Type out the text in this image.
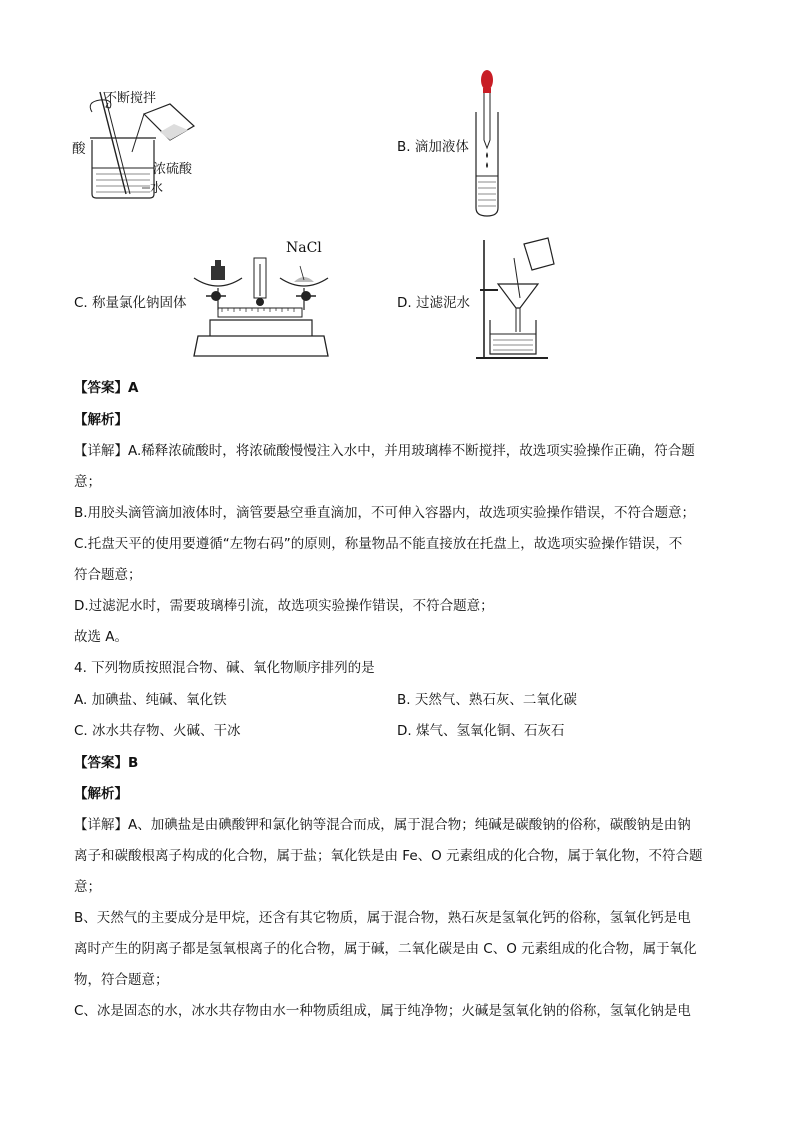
不断搅拌
酸
浓硫酸
水
B. 滴加液体
C. 称量氯化钠固体
NaCl
D. 过滤泥水
【答案】A
【解析】
【详解】A.稀释浓硫酸时，将浓硫酸慢慢注入水中，并用玻璃棒不断搅拌，故选项实验操作正确，符合题
意；
B.用胶头滴管滴加液体时，滴管要悬空垂直滴加，不可伸入容器内，故选项实验操作错误，不符合题意；
C.托盘天平的使用要遵循“左物右码”的原则，称量物品不能直接放在托盘上，故选项实验操作错误，不
符合题意；
D.过滤泥水时，需要玻璃棒引流，故选项实验操作错误，不符合题意；
故选 A。
4. 下列物质按照混合物、碱、氧化物顺序排列的是
A. 加碘盐、纯碱、氧化铁	B. 天然气、熟石灰、二氧化碳
C. 冰水共存物、火碱、干冰	D. 煤气、氢氧化铜、石灰石
【答案】B
【解析】
【详解】A、加碘盐是由碘酸钾和氯化钠等混合而成，属于混合物；纯碱是碳酸钠的俗称，碳酸钠是由钠
离子和碳酸根离子构成的化合物，属于盐；氧化铁是由 Fe、O 元素组成的化合物，属于氧化物，不符合题
意；
B、天然气的主要成分是甲烷，还含有其它物质，属于混合物，熟石灰是氢氧化钙的俗称，氢氧化钙是电
离时产生的阴离子都是氢氧根离子的化合物，属于碱，二氧化碳是由 C、O 元素组成的化合物，属于氧化
物，符合题意；
C、冰是固态的水，冰水共存物由水一种物质组成，属于纯净物；火碱是氢氧化钠的俗称，氢氧化钠是电
